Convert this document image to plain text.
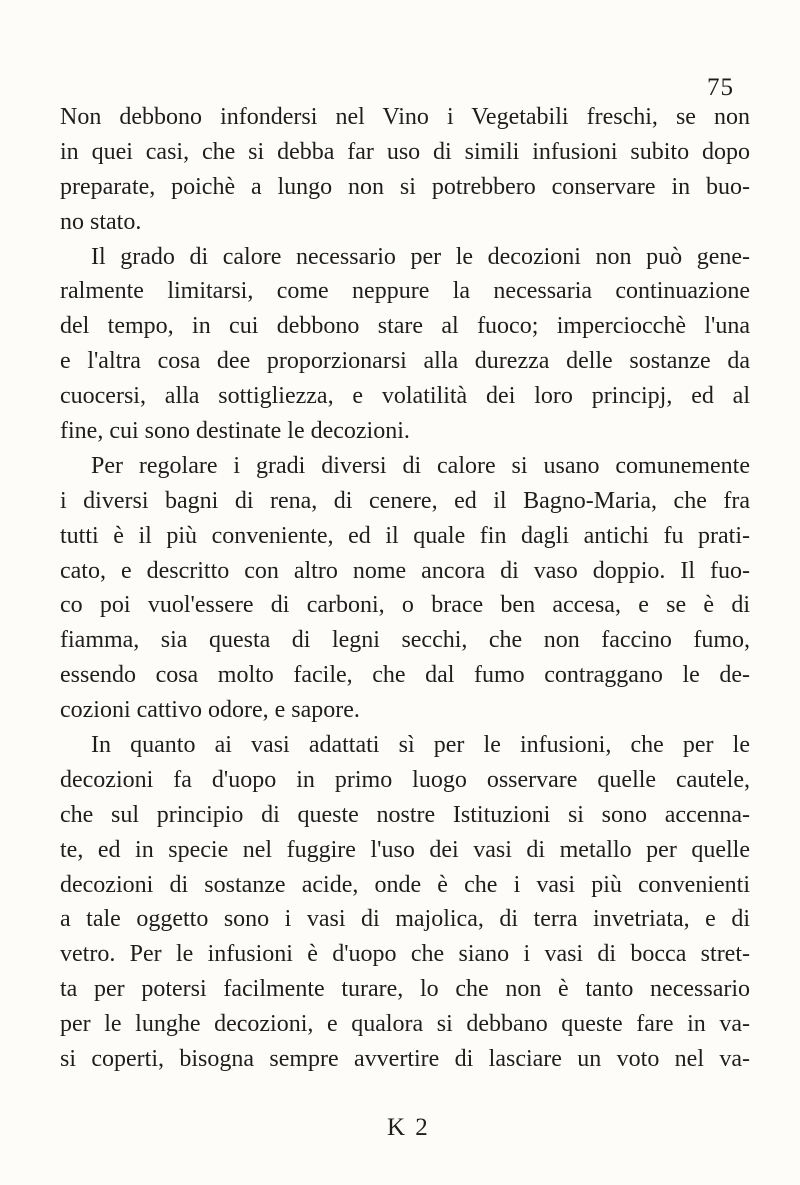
75
Non debbono infondersi nel Vino i Vegetabili freschi, se non
in quei casi, che si debba far uso di simili infusioni subito dopo
preparate, poichè a lungo non si potrebbero conservare in buo-
no stato.
Il grado di calore necessario per le decozioni non può gene-
ralmente limitarsi, come neppure la necessaria continuazione
del tempo, in cui debbono stare al fuoco; imperciocchè l'una
e l'altra cosa dee proporzionarsi alla durezza delle sostanze da
cuocersi, alla sottigliezza, e volatilità dei loro principj, ed al
fine, cui sono destinate le decozioni.
Per regolare i gradi diversi di calore si usano comunemente
i diversi bagni di rena, di cenere, ed il Bagno-Maria, che fra
tutti è il più conveniente, ed il quale fin dagli antichi fu prati-
cato, e descritto con altro nome ancora di vaso doppio. Il fuo-
co poi vuol'essere di carboni, o brace ben accesa, e se è di
fiamma, sia questa di legni secchi, che non faccino fumo,
essendo cosa molto facile, che dal fumo contraggano le de-
cozioni cattivo odore, e sapore.
In quanto ai vasi adattati sì per le infusioni, che per le
decozioni fa d'uopo in primo luogo osservare quelle cautele,
che sul principio di queste nostre Istituzioni si sono accenna-
te, ed in specie nel fuggire l'uso dei vasi di metallo per quelle
decozioni di sostanze acide, onde è che i vasi più convenienti
a tale oggetto sono i vasi di majolica, di terra invetriata, e di
vetro. Per le infusioni è d'uopo che siano i vasi di bocca stret-
ta per potersi facilmente turare, lo che non è tanto necessario
per le lunghe decozioni, e qualora si debbano queste fare in va-
si coperti, bisogna sempre avvertire di lasciare un voto nel va-
K 2
